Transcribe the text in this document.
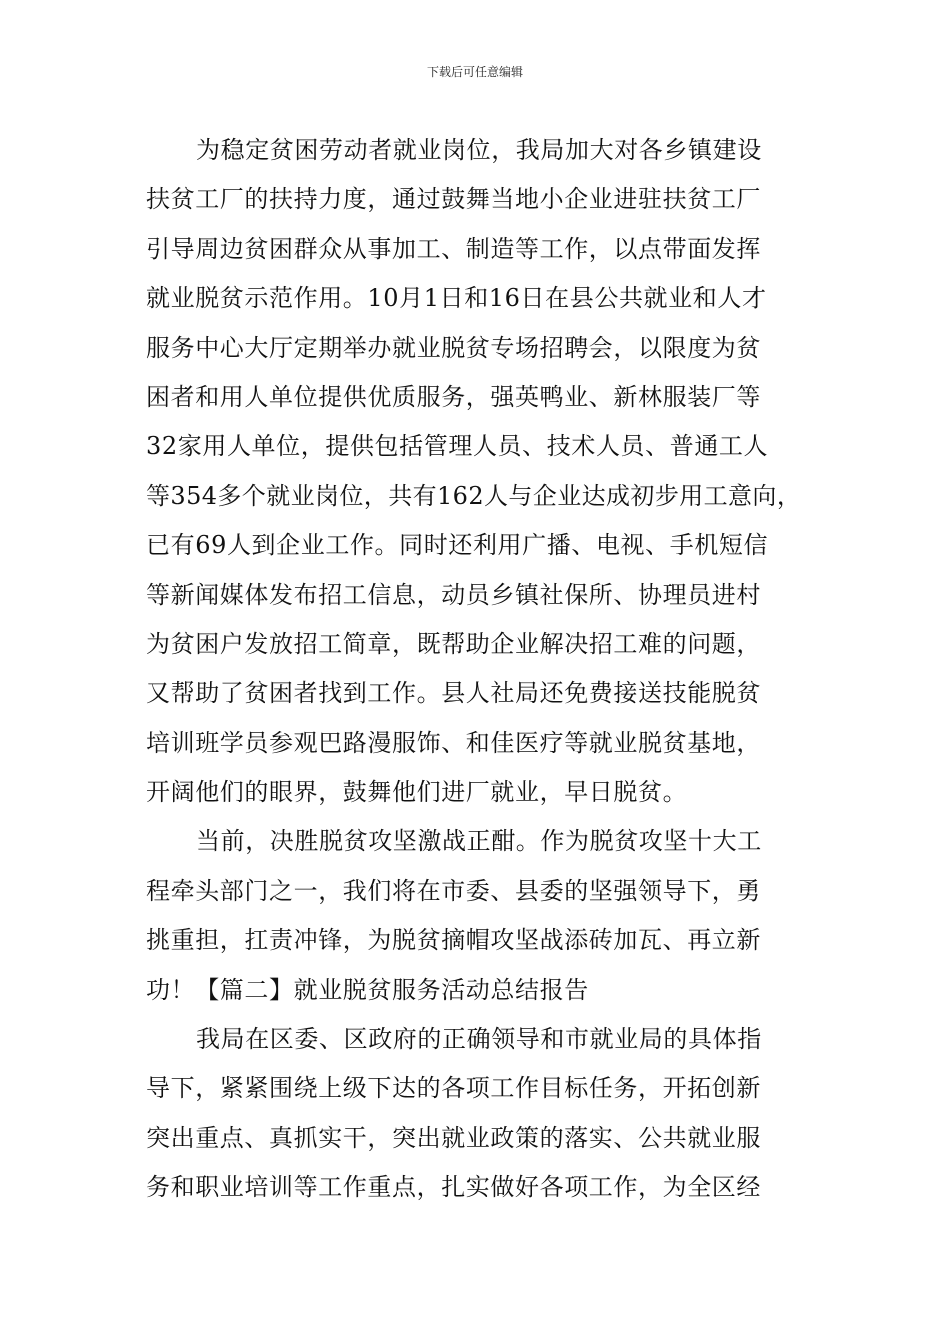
下载后可任意编辑
为稳定贫困劳动者就业岗位，我局加大对各乡镇建设
扶贫工厂的扶持力度，通过鼓舞当地小企业进驻扶贫工厂
引导周边贫困群众从事加工、制造等工作，以点带面发挥
就业脱贫示范作用。10月1日和16日在县公共就业和人才
服务中心大厅定期举办就业脱贫专场招聘会，以限度为贫
困者和用人单位提供优质服务，强英鸭业、新林服装厂等
32家用人单位，提供包括管理人员、技术人员、普通工人
等354多个就业岗位，共有162人与企业达成初步用工意向，
已有69人到企业工作。同时还利用广播、电视、手机短信
等新闻媒体发布招工信息，动员乡镇社保所、协理员进村
为贫困户发放招工简章，既帮助企业解决招工难的问题，
又帮助了贫困者找到工作。县人社局还免费接送技能脱贫
培训班学员参观巴路漫服饰、和佳医疗等就业脱贫基地，
开阔他们的眼界，鼓舞他们进厂就业，早日脱贫。
当前，决胜脱贫攻坚激战正酣。作为脱贫攻坚十大工
程牵头部门之一，我们将在市委、县委的坚强领导下，勇
挑重担，扛责冲锋，为脱贫摘帽攻坚战添砖加瓦、再立新
功！【篇二】就业脱贫服务活动总结报告
我局在区委、区政府的正确领导和市就业局的具体指
导下，紧紧围绕上级下达的各项工作目标任务，开拓创新
突出重点、真抓实干，突出就业政策的落实、公共就业服
务和职业培训等工作重点，扎实做好各项工作，为全区经
